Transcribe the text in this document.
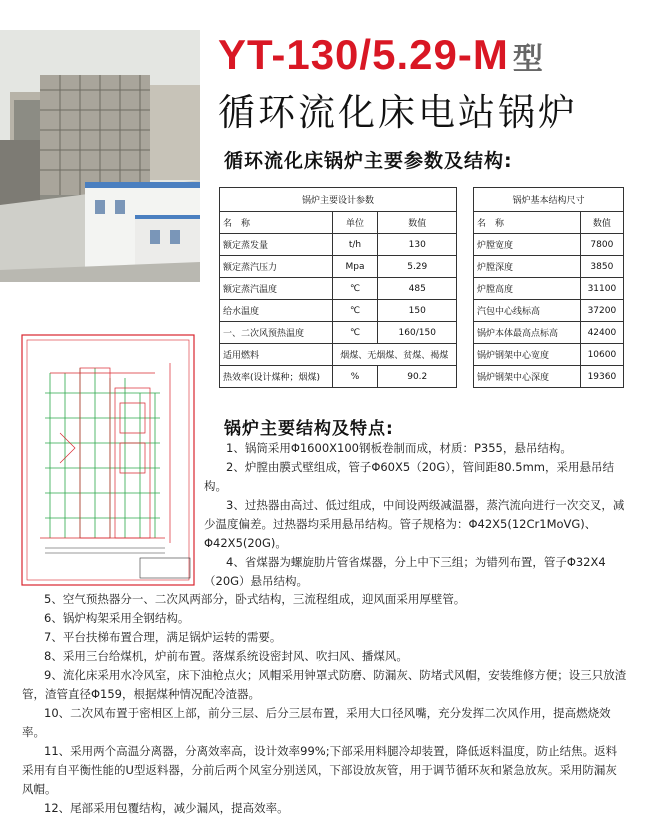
YT-130/5.29-M 型
循环流化床电站锅炉
循环流化床锅炉主要参数及结构:
锅炉主要设计参数		
名　称	单位	数值
额定蒸发量	t/h	130
额定蒸汽压力	Mpa	5.29
额定蒸汽温度	℃	485
给水温度	℃	150
一、二次风预热温度	℃	160/150
适用燃料	烟煤、无烟煤、贫煤、褐煤	
热效率(设计煤种；烟煤)	%	90.2
锅炉基本结构尺寸	
名　称	数值
炉膛宽度	7800
炉膛深度	3850
炉膛高度	31100
汽包中心线标高	37200
锅炉本体最高点标高	42400
锅炉钢架中心宽度	10600
锅炉钢架中心深度	19360
锅炉主要结构及特点:

1、锅筒采用Φ1600X100钢板卷制而成，材质：P355，悬吊结构。

2、炉膛由膜式壁组成，管子Φ60X5（20G），管间距80.5mm，采用悬吊结构。

3、过热器由高过、低过组成，中间设两级减温器，蒸汽流向进行一次交叉，减少温度偏差。过热器均采用悬吊结构。管子规格为：Φ42X5(12Cr1MoVG)、Φ42X5(20G)。

4、省煤器为螺旋肋片管省煤器，分上中下三组；为错列布置，管子Φ32X4（20G）悬吊结构。

5、空气预热器分一、二次风两部分，卧式结构，三流程组成，迎风面采用厚壁管。

6、锅炉构架采用全钢结构。

7、平台扶梯布置合理，满足锅炉运转的需要。

8、采用三台给煤机，炉前布置。落煤系统设密封风、吹扫风、播煤风。

9、流化床采用水冷风室，床下油枪点火；风帽采用钟罩式防磨、防漏灰、防堵式风帽，安装维修方便；设三只放渣管，渣管直径Φ159，根据煤种情况配冷渣器。

10、二次风布置于密相区上部，前分三层、后分三层布置，采用大口径风嘴，充分发挥二次风作用，提高燃烧效率。

11、采用两个高温分离器，分离效率高，设计效率99%;下部采用料腿冷却装置，降低返料温度，防止结焦。返料采用有自平衡性能的U型返料器，分前后两个风室分别送风，下部设放灰管，用于调节循环灰和紧急放灰。采用防漏灰风帽。

12、尾部采用包覆结构，减少漏风，提高效率。
